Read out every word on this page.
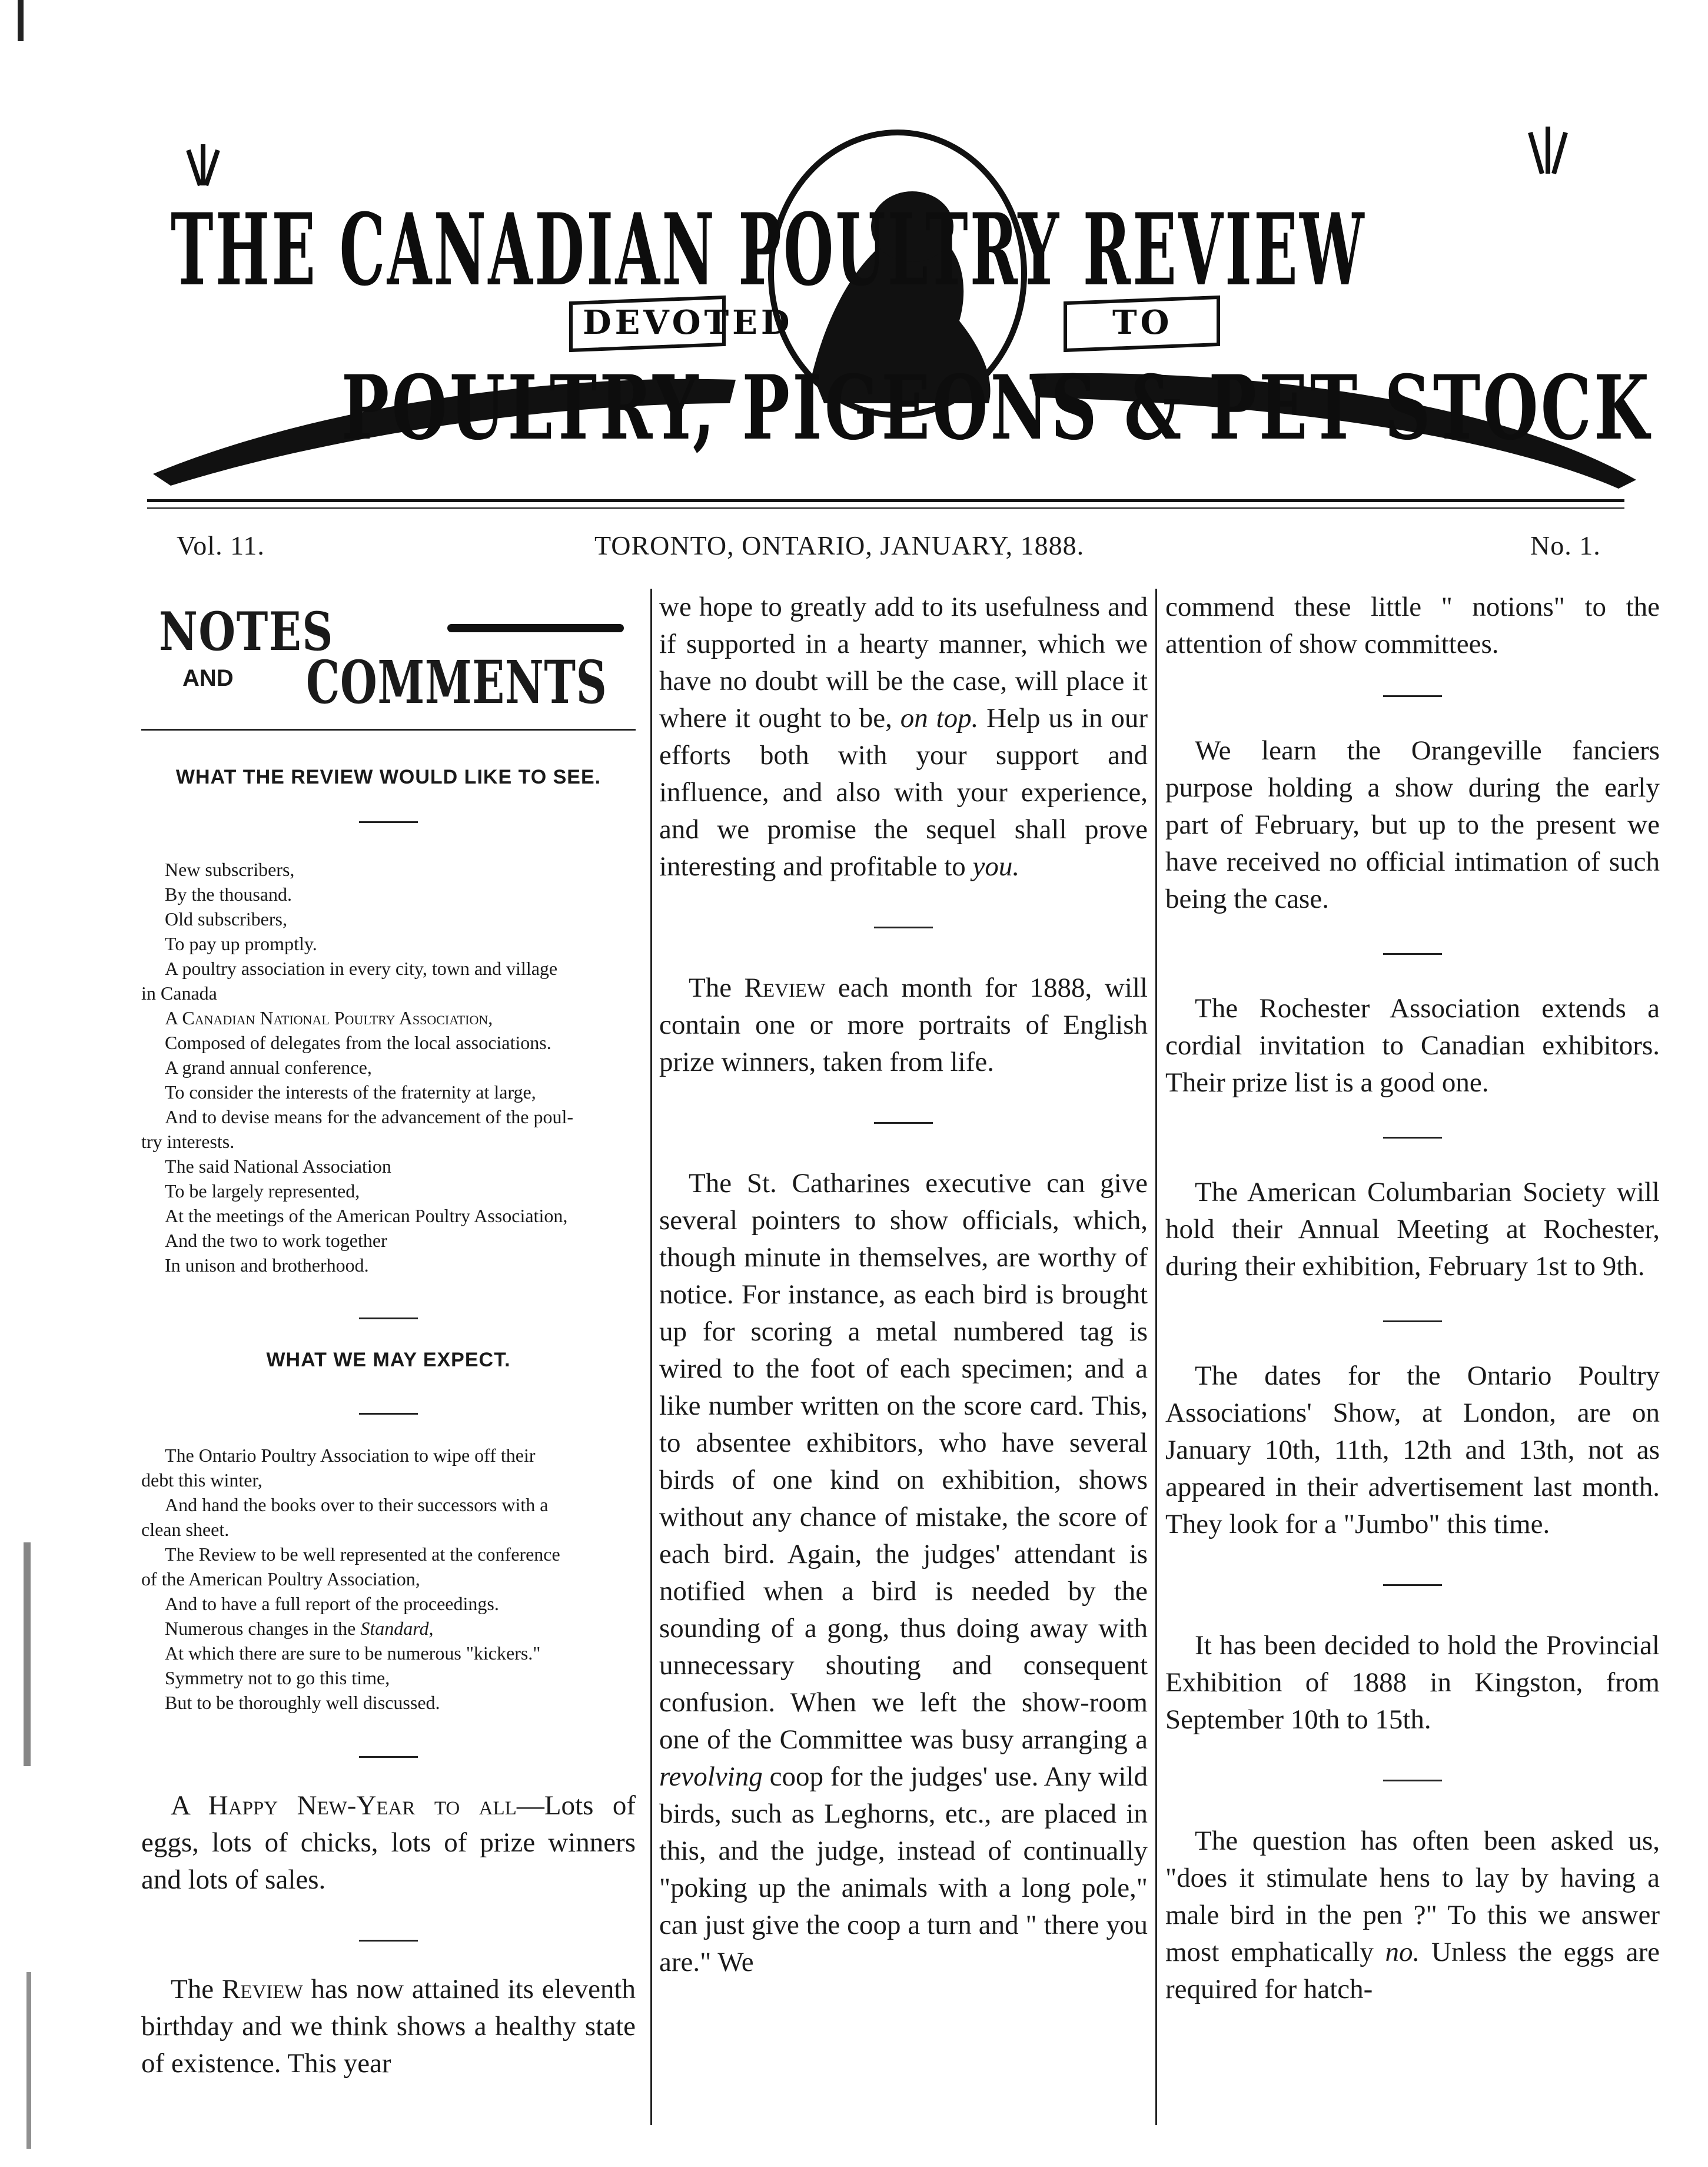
THE CANADIAN POULTRY REVIEW
DEVOTED	TO
POULTRY, PIGEONS & PET STOCK
Vol. 11.	TORONTO, ONTARIO, JANUARY, 1888.	No. 1.
NOTES
AND COMMENTS
WHAT THE REVIEW WOULD LIKE TO SEE.
New subscribers,
By the thousand.
Old subscribers,
To pay up promptly.
A poultry association in every city, town and village
in Canada
A Canadian National Poultry Association,
Composed of delegates from the local associations.
A grand annual conference,
To consider the interests of the fraternity at large,
And to devise means for the advancement of the poul-
try interests.
The said National Association
To be largely represented,
At the meetings of the American Poultry Association,
And the two to work together
In unison and brotherhood.
WHAT WE MAY EXPECT.
The Ontario Poultry Association to wipe off their
debt this winter,
And hand the books over to their successors with a
clean sheet.
The Review to be well represented at the conference
of the American Poultry Association,
And to have a full report of the proceedings.
Numerous changes in the Standard,
At which there are sure to be numerous "kickers."
Symmetry not to go this time,
But to be thoroughly well discussed.

A Happy New-Year to all—Lots of eggs, lots of chicks, lots of prize winners and lots of sales.

The Review has now attained its eleventh birthday and we think shows a healthy state of existence. This year

we hope to greatly add to its usefulness and if supported in a hearty manner, which we have no doubt will be the case, will place it where it ought to be, on top. Help us in our efforts both with your support and influence, and also with your experience, and we promise the sequel shall prove interesting and profitable to you.

The Review each month for 1888, will contain one or more portraits of English prize winners, taken from life.

The St. Catharines executive can give several pointers to show officials, which, though minute in themselves, are worthy of notice. For instance, as each bird is brought up for scoring a metal numbered tag is wired to the foot of each specimen; and a like number written on the score card. This, to absentee exhibitors, who have several birds of one kind on exhibition, shows without any chance of mistake, the score of each bird. Again, the judges' attendant is notified when a bird is needed by the sounding of a gong, thus doing away with unnecessary shouting and consequent confusion. When we left the show-room one of the Committee was busy arranging a revolving coop for the judges' use. Any wild birds, such as Leghorns, etc., are placed in this, and the judge, instead of continually "poking up the animals with a long pole," can just give the coop a turn and " there you are." We

commend these little " notions" to the attention of show committees.

We learn the Orangeville fanciers purpose holding a show during the early part of February, but up to the present we have received no official intimation of such being the case.

The Rochester Association extends a cordial invitation to Canadian exhibitors. Their prize list is a good one.

The American Columbarian Society will hold their Annual Meeting at Rochester, during their exhibition, February 1st to 9th.

The dates for the Ontario Poultry Associations' Show, at London, are on January 10th, 11th, 12th and 13th, not as appeared in their advertisement last month. They look for a "Jumbo" this time.

It has been decided to hold the Provincial Exhibition of 1888 in Kingston, from September 10th to 15th.

The question has often been asked us, "does it stimulate hens to lay by having a male bird in the pen ?" To this we answer most emphatically no. Unless the eggs are required for hatch-
